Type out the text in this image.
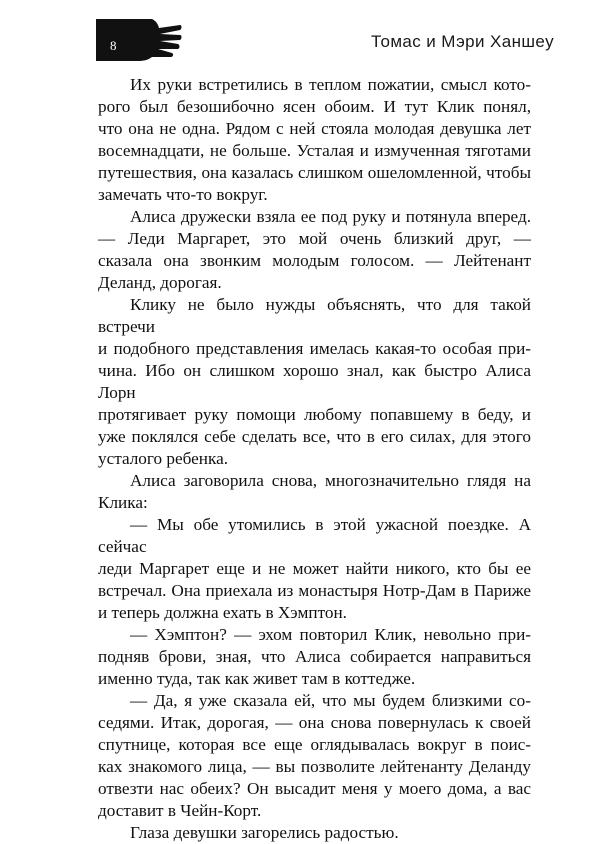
8	Томас и Мэри Ханшеу

Их руки встретились в теплом пожатии, смысл кото-
рого был безошибочно ясен обоим. И тут Клик понял,
что она не одна. Рядом с ней стояла молодая девушка лет
восемнадцати, не больше. Усталая и измученная тяготами
путешествия, она казалась слишком ошеломленной, чтобы
замечать что-то вокруг.

Алиса дружески взяла ее под руку и потянула вперед.
— Леди Маргарет, это мой очень близкий друг, —
сказала она звонким молодым голосом. — Лейтенант
Деланд, дорогая.

Клику не было нужды объяснять, что для такой встречи
и подобного представления имелась какая-то особая при-
чина. Ибо он слишком хорошо знал, как быстро Алиса Лорн
протягивает руку помощи любому попавшему в беду, и
уже поклялся себе сделать все, что в его силах, для этого
усталого ребенка.

Алиса заговорила снова, многозначительно глядя на
Клика:

— Мы обе утомились в этой ужасной поездке. А сейчас
леди Маргарет еще и не может найти никого, кто бы ее
встречал. Она приехала из монастыря Нотр-Дам в Париже
и теперь должна ехать в Хэмптон.

— Хэмптон? — эхом повторил Клик, невольно при-
подняв брови, зная, что Алиса собирается направиться
именно туда, так как живет там в коттедже.

— Да, я уже сказала ей, что мы будем близкими со-
седями. Итак, дорогая, — она снова повернулась к своей
спутнице, которая все еще оглядывалась вокруг в поис-
ках знакомого лица, — вы позволите лейтенанту Деланду
отвезти нас обеих? Он высадит меня у моего дома, а вас
доставит в Чейн-Корт.

Глаза девушки загорелись радостью.
